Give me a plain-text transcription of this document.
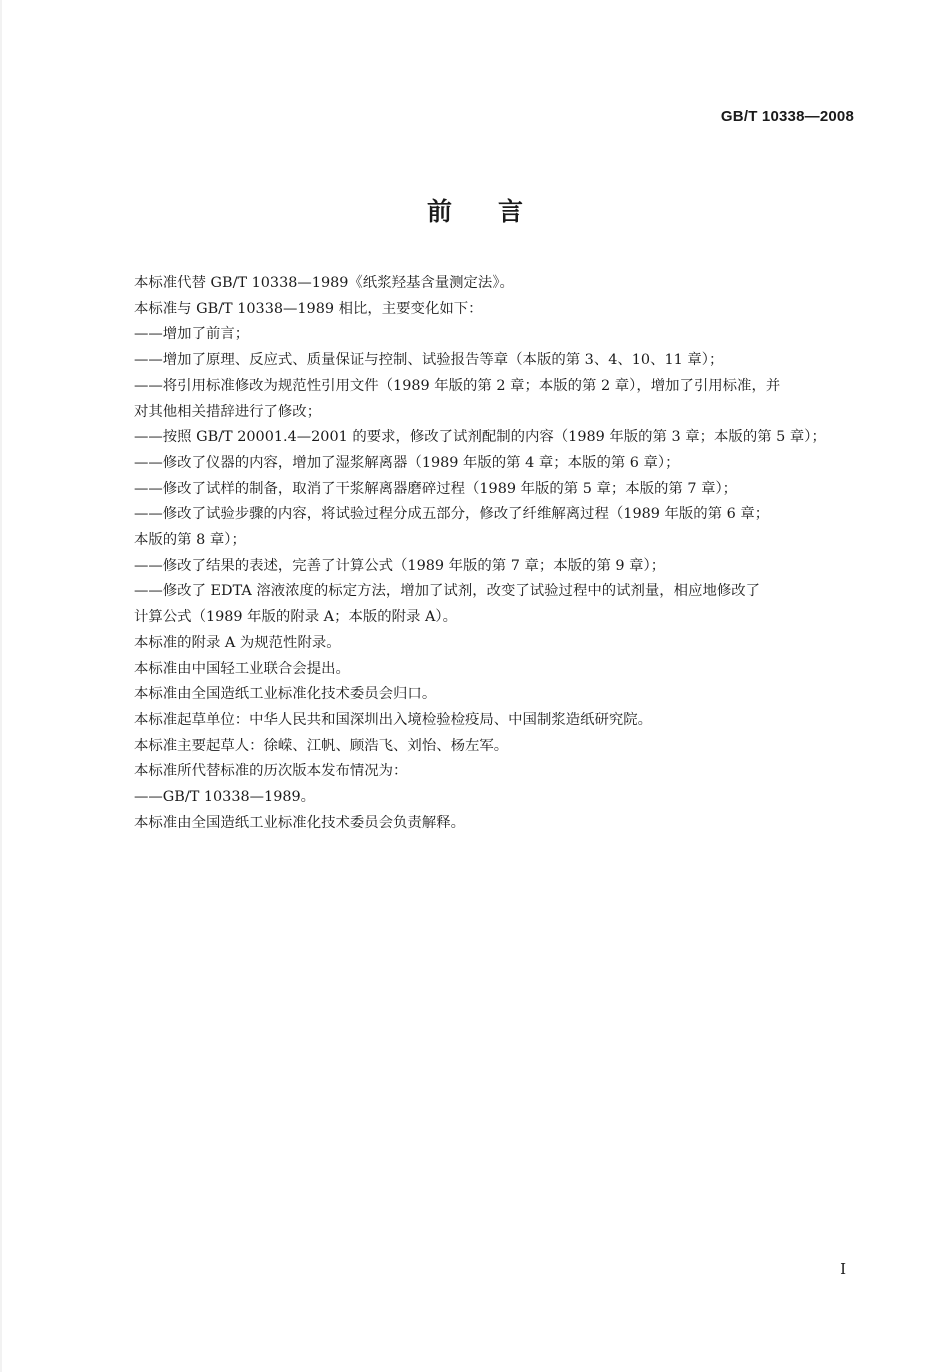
GB/T 10338—2008
前言

本标准代替 GB/T 10338—1989《纸浆羟基含量测定法》。

本标准与 GB/T 10338—1989 相比，主要变化如下：

——增加了前言；

——增加了原理、反应式、质量保证与控制、试验报告等章（本版的第 3、4、10、11 章）；

——将引用标准修改为规范性引用文件（1989 年版的第 2 章；本版的第 2 章），增加了引用标准，并
对其他相关措辞进行了修改；

——按照 GB/T 20001.4—2001 的要求，修改了试剂配制的内容（1989 年版的第 3 章；本版的第 5 章）；

——修改了仪器的内容，增加了湿浆解离器（1989 年版的第 4 章；本版的第 6 章）；

——修改了试样的制备，取消了干浆解离器磨碎过程（1989 年版的第 5 章；本版的第 7 章）；

——修改了试验步骤的内容，将试验过程分成五部分，修改了纤维解离过程（1989 年版的第 6 章；
本版的第 8 章）；

——修改了结果的表述，完善了计算公式（1989 年版的第 7 章；本版的第 9 章）；

——修改了 EDTA 溶液浓度的标定方法，增加了试剂，改变了试验过程中的试剂量，相应地修改了
计算公式（1989 年版的附录 A；本版的附录 A）。

本标准的附录 A 为规范性附录。

本标准由中国轻工业联合会提出。

本标准由全国造纸工业标准化技术委员会归口。

本标准起草单位：中华人民共和国深圳出入境检验检疫局、中国制浆造纸研究院。

本标准主要起草人：徐嵘、江帆、顾浩飞、刘怡、杨左军。

本标准所代替标准的历次版本发布情况为：

——GB/T 10338—1989。

本标准由全国造纸工业标准化技术委员会负责解释。

I
